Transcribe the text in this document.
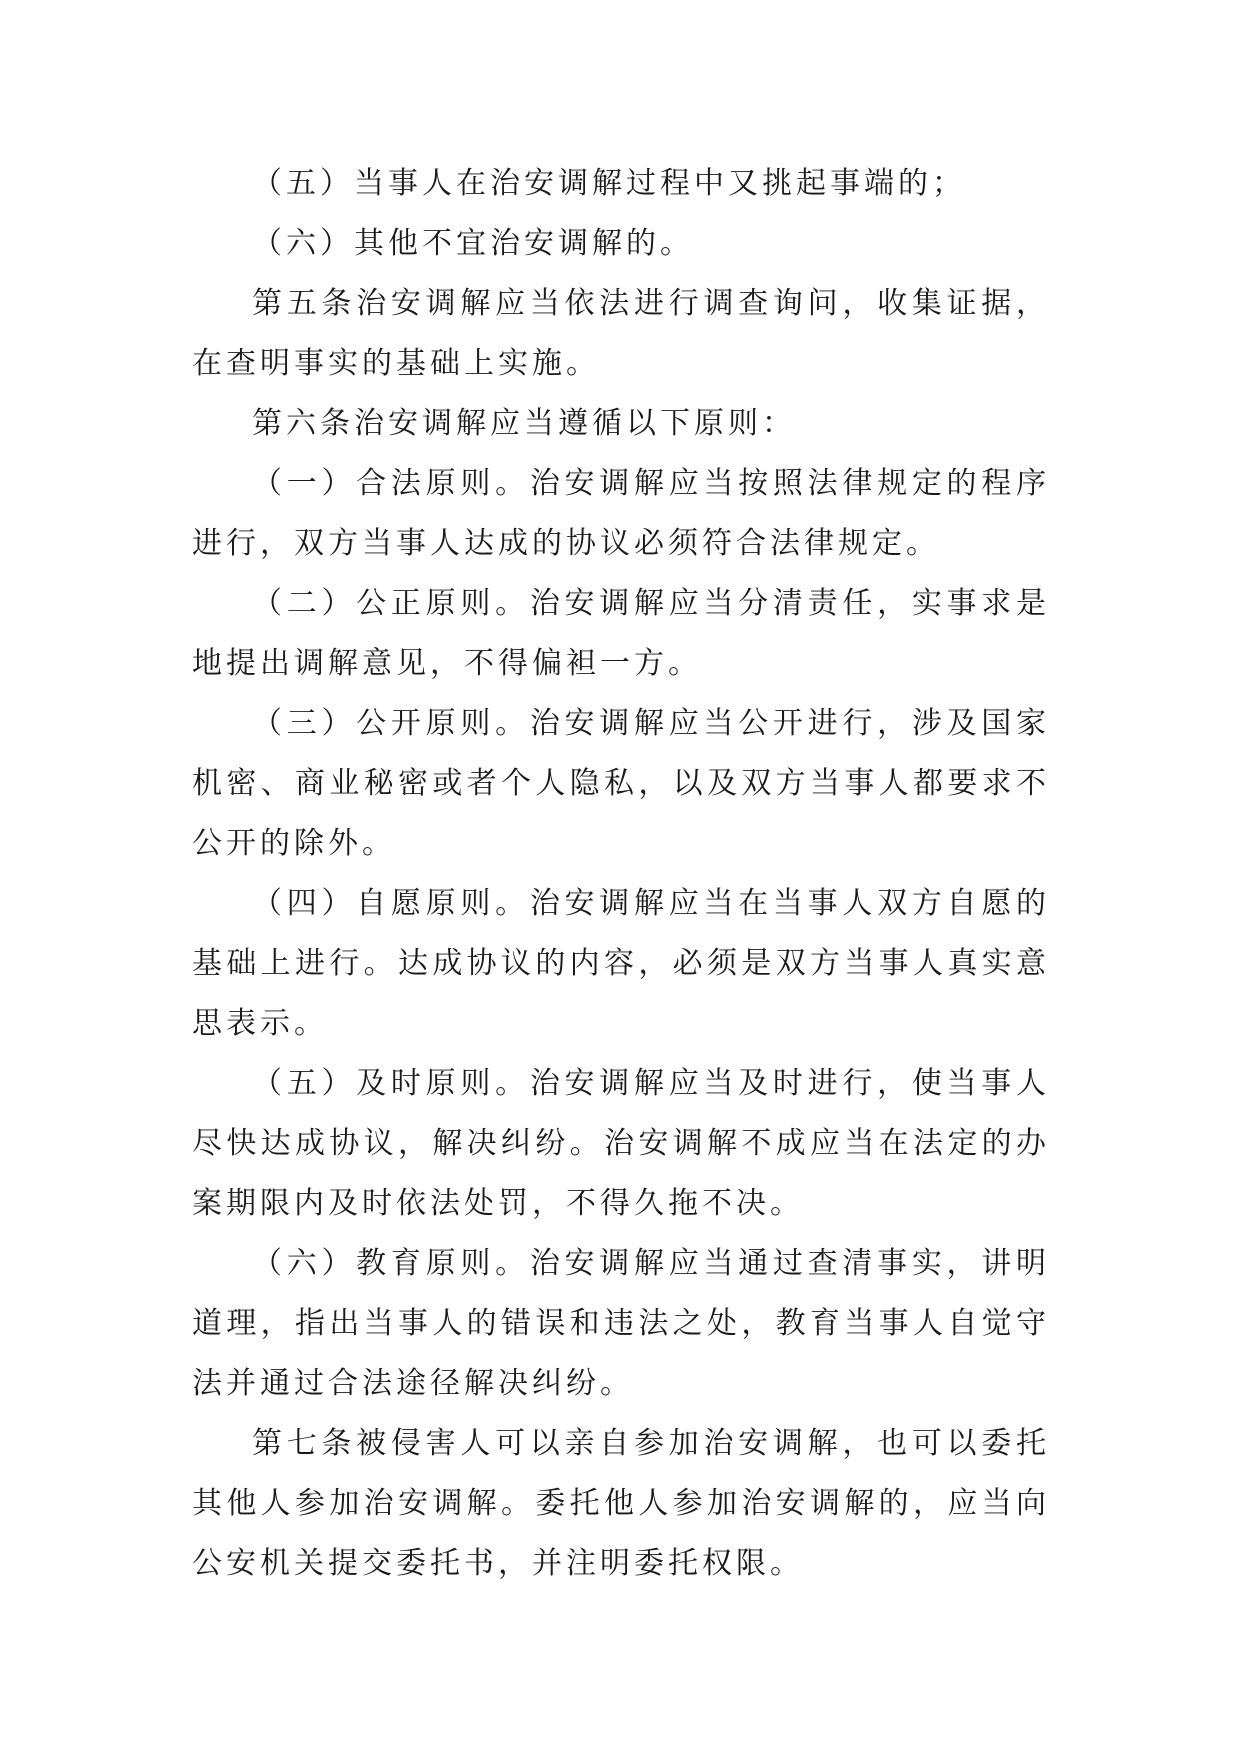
（五）当事人在治安调解过程中又挑起事端的；

（六）其他不宜治安调解的。

第五条治安调解应当依法进行调查询问，收集证据，在查明事实的基础上实施。

第六条治安调解应当遵循以下原则：

（一）合法原则。治安调解应当按照法律规定的程序进行，双方当事人达成的协议必须符合法律规定。

（二）公正原则。治安调解应当分清责任，实事求是地提出调解意见，不得偏袒一方。

（三）公开原则。治安调解应当公开进行，涉及国家机密、商业秘密或者个人隐私，以及双方当事人都要求不公开的除外。

（四）自愿原则。治安调解应当在当事人双方自愿的基础上进行。达成协议的内容，必须是双方当事人真实意思表示。

（五）及时原则。治安调解应当及时进行，使当事人尽快达成协议，解决纠纷。治安调解不成应当在法定的办案期限内及时依法处罚，不得久拖不决。

（六）教育原则。治安调解应当通过查清事实，讲明道理，指出当事人的错误和违法之处，教育当事人自觉守法并通过合法途径解决纠纷。

第七条被侵害人可以亲自参加治安调解，也可以委托其他人参加治安调解。委托他人参加治安调解的，应当向公安机关提交委托书，并注明委托权限。
